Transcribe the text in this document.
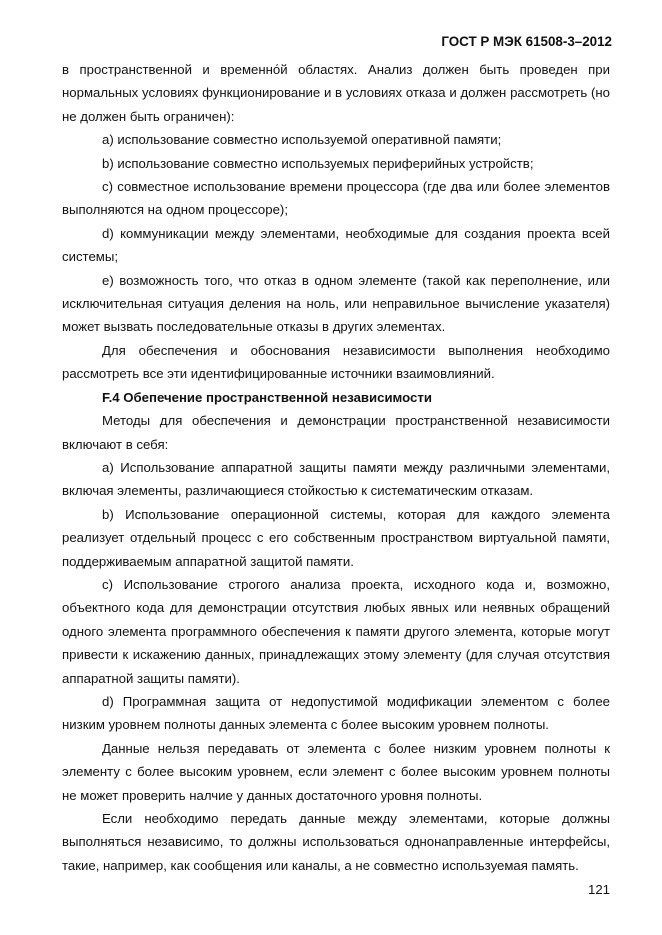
ГОСТ Р МЭК 61508-3–2012

в пространственной и временно́й областях. Анализ должен быть проведен при нормальных условиях функционирование и в условиях отказа и должен рассмотреть (но не должен быть ограничен):

a) использование совместно используемой оперативной памяти;

b) использование совместно используемых периферийных устройств;

c) совместное использование времени процессора (где два или более элементов выполняются на одном процессоре);

d) коммуникации между элементами, необходимые для создания проекта всей системы;

e) возможность того, что отказ в одном элементе (такой как переполнение, или исключительная ситуация деления на ноль, или неправильное вычисление указателя) может вызвать последовательные отказы в других элементах.

Для обеспечения и обоснования независимости выполнения необходимо рассмотреть все эти идентифицированные источники взаимовлияний.

F.4 Обепечение пространственной независимости

Методы для обеспечения и демонстрации пространственной независимости включают в себя:

a) Использование аппаратной защиты памяти между различными элементами, включая элементы, различающиеся стойкостью к систематическим отказам.

b) Использование операционной системы, которая для каждого элемента реализует отдельный процесс с его собственным пространством виртуальной памяти, поддерживаемым аппаратной защитой памяти.

c) Использование строгого анализа проекта, исходного кода и, возможно, объектного кода для демонстрации отсутствия любых явных или неявных обращений одного элемента программного обеспечения к памяти другого элемента, которые могут привести к искажению данных, принадлежащих этому элементу (для случая отсутствия аппаратной защиты памяти).

d) Программная защита от недопустимой модификации элементом с более низким уровнем полноты данных элемента с более высоким уровнем полноты.

Данные нельзя передавать от элемента с более низким уровнем полноты к элементу с более высоким уровнем, если элемент с более высоким уровнем полноты не может проверить налчие у данных достаточного уровня полноты.

Если необходимо передать данные между элементами, которые должны выполняться независимо, то должны использоваться однонаправленные интерфейсы, такие, например, как сообщения или каналы, а не совместно используемая память.

121
